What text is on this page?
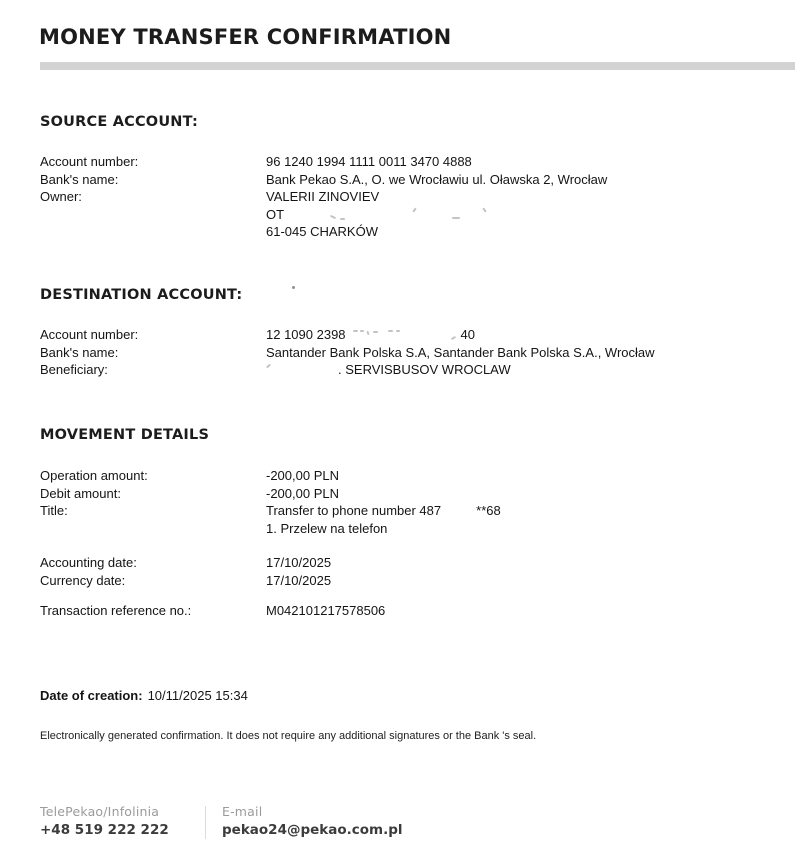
MONEY TRANSFER CONFIRMATION
SOURCE ACCOUNT:
Account number:	96 1240 1994 1111 0011 3470 4888
Bank's name:	Bank Pekao S.A., O. we Wrocławiu ul. Oławska 2, Wrocław
Owner:	VALERII ZINOVIEV
OT
61-045 CHARKÓW
DESTINATION ACCOUNT:
Account number:	12 1090 2398	40
Bank's name:	Santander Bank Polska S.A, Santander Bank Polska S.A., Wrocław
Beneficiary:	. SERVISBUSOV WROCLAW
MOVEMENT DETAILS
Operation amount:	-200,00 PLN
Debit amount:	-200,00 PLN
Title:	Transfer to phone number 487	**68
1. Przelew na telefon
Accounting date:	17/10/2025
Currency date:	17/10/2025
Transaction reference no.:	M042101217578506
Date of creation: 10/11/2025 15:34
Electronically generated confirmation. It does not require any additional signatures or the Bank 's seal.
TelePekao/Infolinia
+48 519 222 222
E-mail
pekao24@pekao.com.pl
